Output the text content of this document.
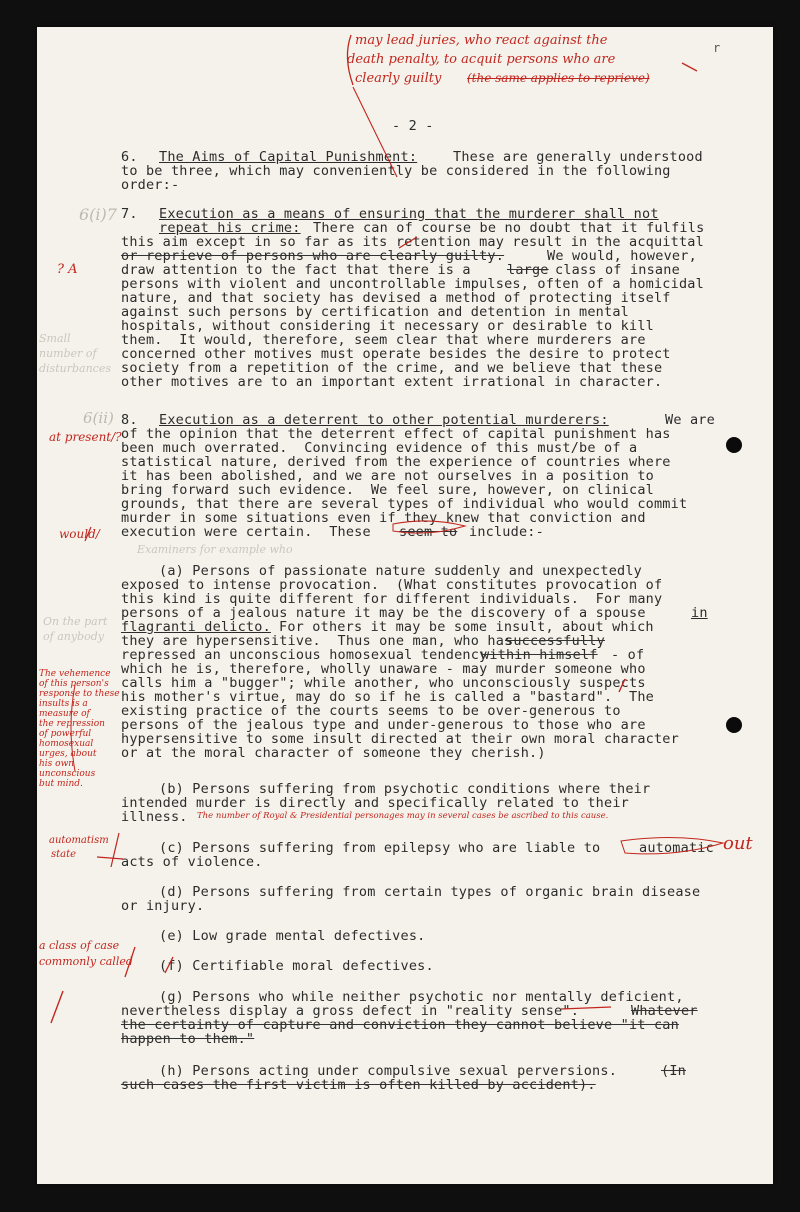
r
may lead juries, who react against the
death penalty, to acquit persons who are
clearly guilty (the same applies to reprieve)
- 2 -
6. The Aims of Capital Punishment:	These are generally understood
to be three, which may conveniently be considered in the following
order:-
6(i)7
? A
7. Execution as a means of ensuring that the murderer shall not
repeat his crime: There can of course be no doubt that it fulfils
this aim except in so far as its retention may result in the acquittal
or reprieve of persons who are clearly guilty.	We would, however,
draw attention to the fact that there is a	large class of insane
persons with violent and uncontrollable impulses, often of a homicidal
nature, and that society has devised a method of protecting itself
against such persons by certification and detention in mental
hospitals, without considering it necessary or desirable to kill
them.  It would, therefore, seem clear that where murderers are
concerned other motives must operate besides the desire to protect
society from a repetition of the crime, and we believe that these
other motives are to an important extent irrational in character.
Small
number of
disturbances
6(ii)
at present/?
8. Execution as a deterrent to other potential murderers:	We are
of the opinion that the deterrent effect of capital punishment has
been much overrated.  Convincing evidence of this must/be of a
statistical nature, derived from the experience of countries where
it has been abolished, and we are not ourselves in a position to
bring forward such evidence.  We feel sure, however, on clinical
grounds, that there are several types of individual who would commit
murder in some situations even if they knew that conviction and
would/ execution were certain.  These seem to include:-
Examiners for example who
(a) Persons of passionate nature suddenly and unexpectedly
exposed to intense provocation.  (What constitutes provocation of
this kind is quite different for different individuals.  For many
persons of a jealous nature it may be the discovery of a spouse	in
flagranti delicto. For others it may be some insult, about which
they are hypersensitive.  Thus one man, who has
successfully
repressed an unconscious homosexual tendency
within himself - of
which he is, therefore, wholly unaware - may murder someone who
calls him a "bugger"; while another, who unconsciously suspects
his mother's virtue, may do so if he is called a "bastard".  The
existing practice of the courts seems to be over-generous to
persons of the jealous type and under-generous to those who are
hypersensitive to some insult directed at their own moral character
or at the moral character of someone they cherish.)
On the part
of anybody
The vehemence
of this person's
response to these
insults is a
measure of
the repression
of powerful
homosexual
urges, about
his own
unconscious
but mind.	(b) Persons suffering from psychotic conditions where their
intended murder is directly and specifically related to their
illness. The number of Royal & Presidential personages may in several cases be ascribed to this cause.
automatism
state	(c) Persons suffering from epilepsy who are liable to	automatic out
acts of violence.
(d) Persons suffering from certain types of organic brain disease
or injury.
(e) Low grade mental defectives.
a class of case
commonly called (f) Certifiable moral defectives.
(g) Persons who while neither psychotic nor mentally deficient,
nevertheless display a gross defect in "reality sense".	Whatever
the certainty of capture and conviction they cannot believe "it can
happen to them."
(h) Persons acting under compulsive sexual perversions.	(In
such cases the first victim is often killed by accident).
